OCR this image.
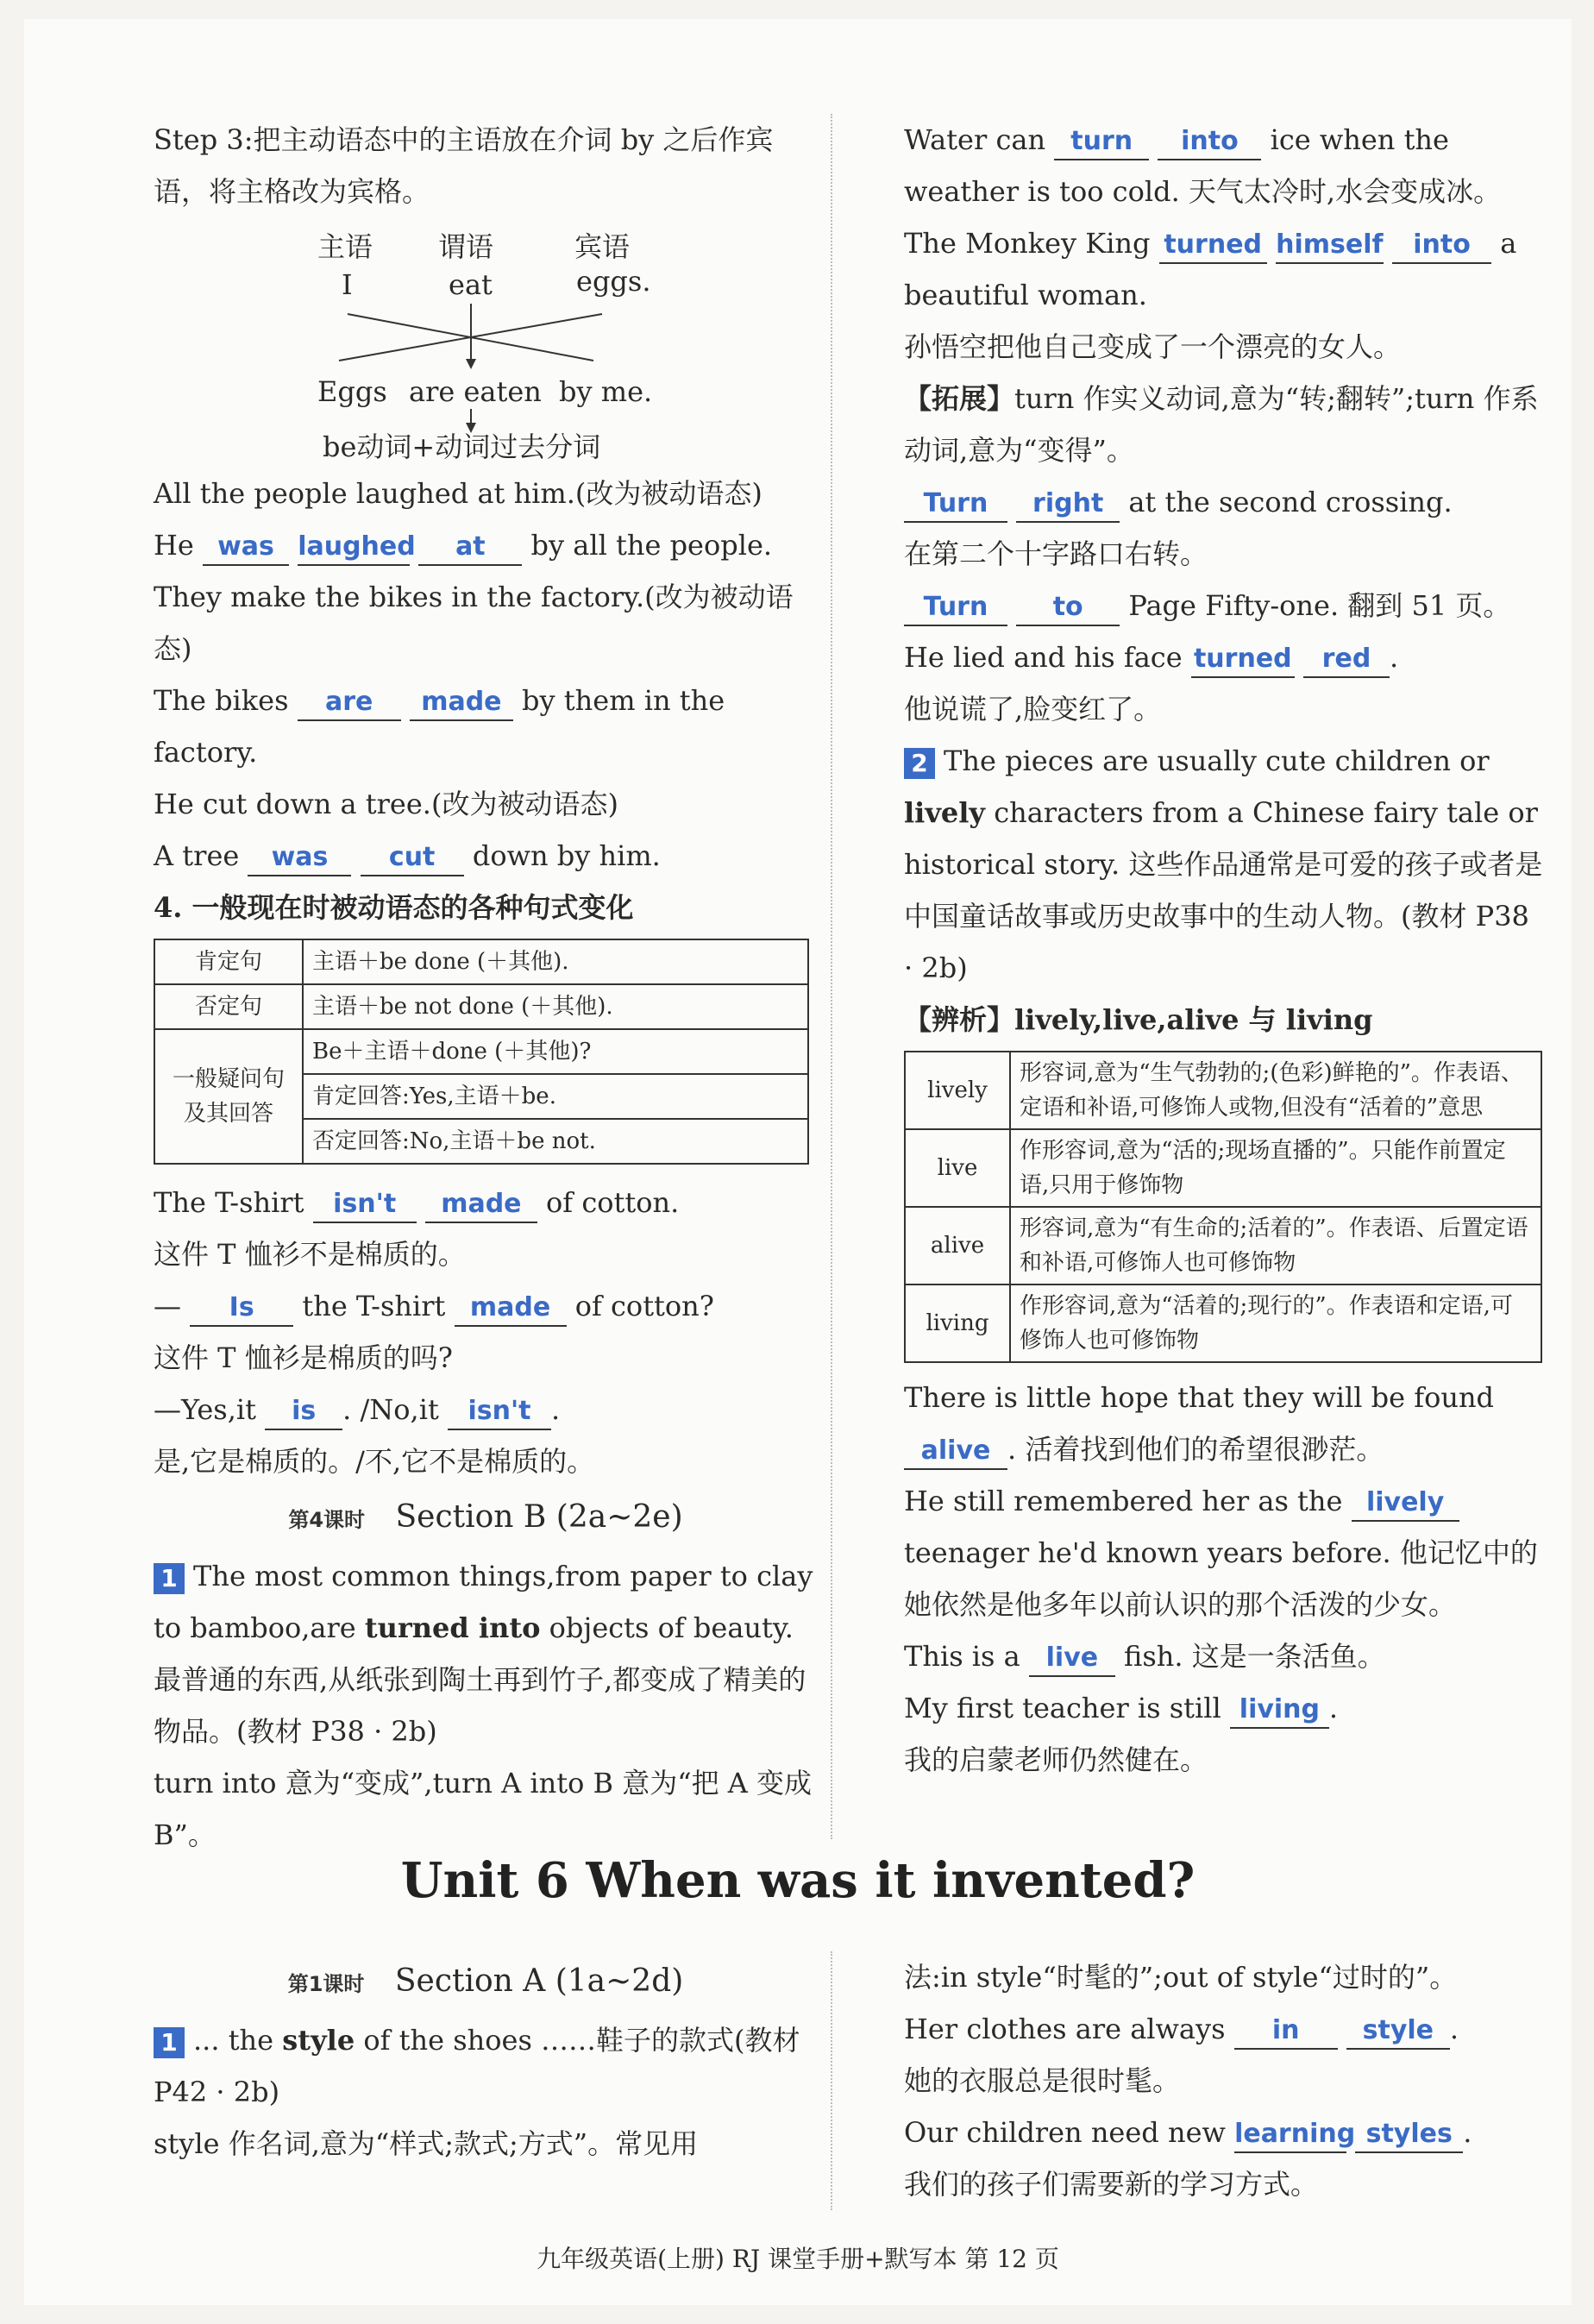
Step 3:把主动语态中的主语放在介词 by 之后作宾语，将主格改为宾格。

主语 谓语	宾语
I	eat	eggs.
Eggs are eaten by me.
be动词+动词过去分词

All the people laughed at him.(改为被动语态)

He was laughed at by all the people.

They make the bikes in the factory.(改为被动语态)

The bikes are made by them in the factory.

He cut down a tree.(改为被动语态)

A tree was cut down by him.

4. 一般现在时被动语态的各种句式变化

肯定句	主语＋be done (＋其他).
否定句	主语＋be not done (＋其他).
一般疑问句及其回答	Be＋主语＋done (＋其他)?
	肯定回答:Yes,主语＋be.
	否定回答:No,主语＋be not.

The T-shirt isn't made of cotton.

这件 T 恤衫不是棉质的。

— Is the T-shirt made of cotton?

这件 T 恤衫是棉质的吗?

—Yes,it is . /No,it isn't .

是,它是棉质的。/不,它不是棉质的。

第4课时 Section B (2a~2e)

1 The most common things,from paper to clay to bamboo,are turned into objects of beauty. 最普通的东西,从纸张到陶土再到竹子,都变成了精美的物品。(教材 P38 · 2b)

turn into 意为“变成”,turn A into B 意为“把 A 变成 B”。

Water can turn into ice when the weather is too cold. 天气太冷时,水会变成冰。

The Monkey King turned himself into a beautiful woman.

孙悟空把他自己变成了一个漂亮的女人。

【拓展】turn 作实义动词,意为“转;翻转”;turn 作系动词,意为“变得”。

Turn right at the second crossing.

在第二个十字路口右转。

Turn	to Page Fifty-one. 翻到 51 页。

He lied and his face turned red .

他说谎了,脸变红了。

2 The pieces are usually cute children or lively characters from a Chinese fairy tale or historical story. 这些作品通常是可爱的孩子或者是中国童话故事或历史故事中的生动人物。(教材 P38 · 2b)

【辨析】lively,live,alive 与 living

lively	形容词,意为“生气勃勃的;(色彩)鲜艳的”。作表语、定语和补语,可修饰人或物,但没有“活着的”意思
live	作形容词,意为“活的;现场直播的”。只能作前置定语,只用于修饰物
alive	形容词,意为“有生命的;活着的”。作表语、后置定语和补语,可修饰人也可修饰物
living	作形容词,意为“活着的;现行的”。作表语和定语,可修饰人也可修饰物

There is little hope that they will be found alive . 活着找到他们的希望很渺茫。

He still remembered her as the lively teenager he'd known years before. 他记忆中的她依然是他多年以前认识的那个活泼的少女。

This is a live fish. 这是一条活鱼。

My first teacher is still living .

我的启蒙老师仍然健在。

Unit 6 When was it invented?
第1课时 Section A (1a~2d)

1 ... the style of the shoes ……鞋子的款式(教材 P42 · 2b)

style 作名词,意为“样式;款式;方式”。常见用

法:in style“时髦的”;out of style“过时的”。

Her clothes are always in style .

她的衣服总是很时髦。

Our children need new learning styles .

我们的孩子们需要新的学习方式。

九年级英语(上册) RJ 课堂手册+默写本 第 12 页
